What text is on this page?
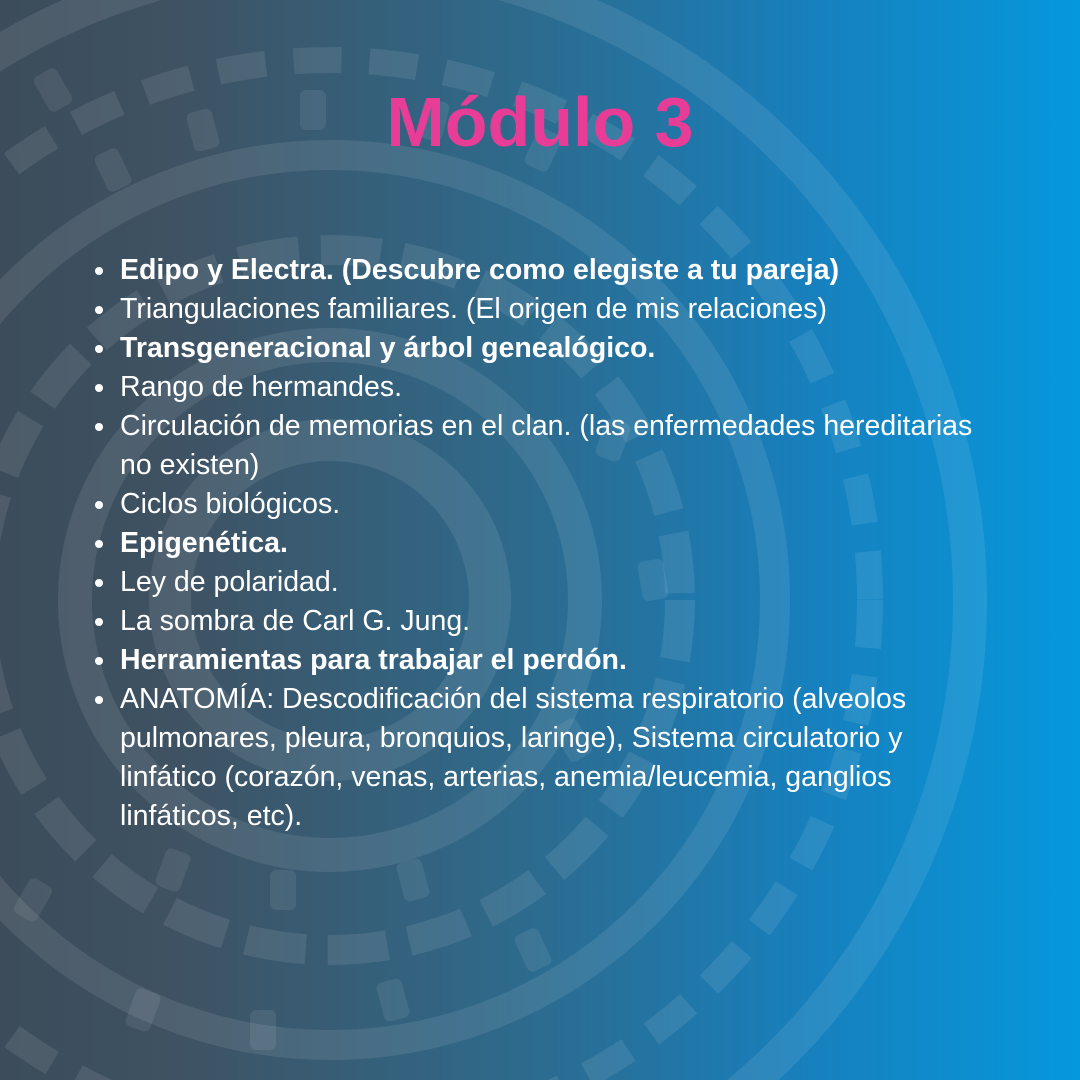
Módulo 3
Edipo y Electra. (Descubre como elegiste a tu pareja)
Triangulaciones familiares. (El origen de mis relaciones)
Transgeneracional y árbol genealógico.
Rango de hermandes.
Circulación de memorias en el clan. (las enfermedades hereditarias no existen)
Ciclos biológicos.
Epigenética.
Ley de polaridad.
La sombra de Carl G. Jung.
Herramientas para trabajar el perdón.
ANATOMÍA: Descodificación del sistema respiratorio (alveolos pulmonares, pleura, bronquios, laringe), Sistema circulatorio y linfático (corazón, venas, arterias, anemia/leucemia, ganglios linfáticos, etc).
